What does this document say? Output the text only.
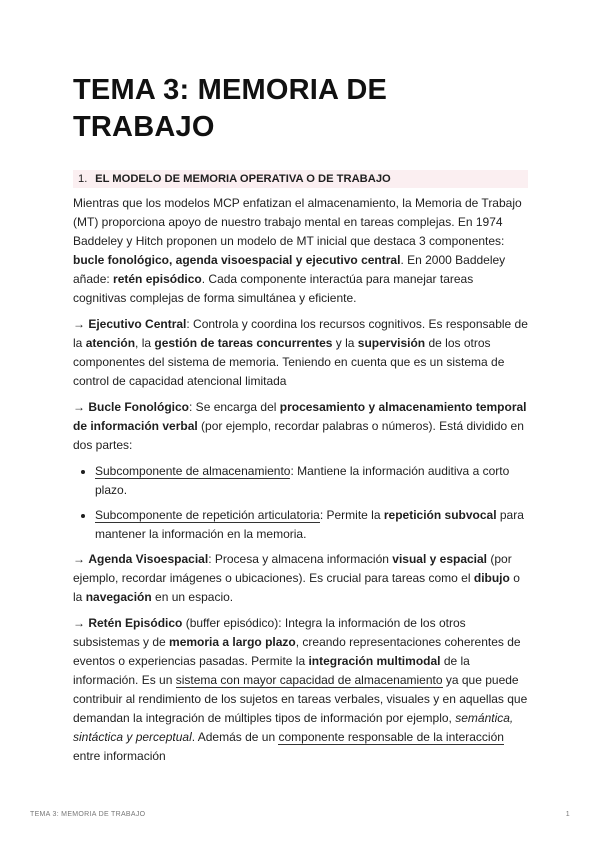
TEMA 3: MEMORIA DE TRABAJO
1. EL MODELO DE MEMORIA OPERATIVA O DE TRABAJO

Mientras que los modelos MCP enfatizan el almacenamiento, la Memoria de Trabajo (MT) proporciona apoyo de nuestro trabajo mental en tareas complejas. En 1974 Baddeley y Hitch proponen un modelo de MT inicial que destaca 3 componentes: bucle fonológico, agenda visoespacial y ejecutivo central. En 2000 Baddeley añade: retén episódico. Cada componente interactúa para manejar tareas cognitivas complejas de forma simultánea y eficiente.

→ Ejecutivo Central: Controla y coordina los recursos cognitivos. Es responsable de la atención, la gestión de tareas concurrentes y la supervisión de los otros componentes del sistema de memoria. Teniendo en cuenta que es un sistema de control de capacidad atencional limitada

→ Bucle Fonológico: Se encarga del procesamiento y almacenamiento temporal de información verbal (por ejemplo, recordar palabras o números). Está dividido en dos partes:

• Subcomponente de almacenamiento: Mantiene la información auditiva a corto plazo.
• Subcomponente de repetición articulatoria: Permite la repetición subvocal para mantener la información en la memoria.

→ Agenda Visoespacial: Procesa y almacena información visual y espacial (por ejemplo, recordar imágenes o ubicaciones). Es crucial para tareas como el dibujo o la navegación en un espacio.

→ Retén Episódico (buffer episódico): Integra la información de los otros subsistemas y de memoria a largo plazo, creando representaciones coherentes de eventos o experiencias pasadas. Permite la integración multimodal de la información. Es un sistema con mayor capacidad de almacenamiento ya que puede contribuir al rendimiento de los sujetos en tareas verbales, visuales y en aquellas que demandan la integración de múltiples tipos de información por ejemplo, semántica, sintáctica y perceptual. Además de un componente responsable de la interacción entre información

TEMA 3: MEMORIA DE TRABAJO	1
